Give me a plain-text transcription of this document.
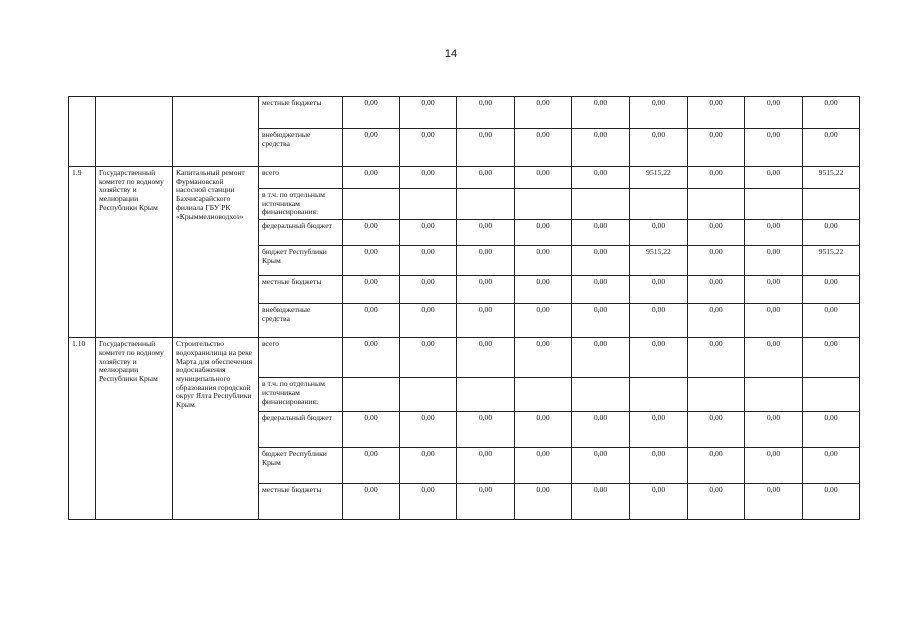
14
			местные бюджеты	0,00	0,00	0,00	0,00	0,00	0,00	0,00	0,00	0,00
			внебюджетные средства	0,00	0,00	0,00	0,00	0,00	0,00	0,00	0,00	0,00
1.9	Государственный комитет по водному хозяйству и мелиорации Республики Крым	Капитальный ремонт Фурмановской насосной станции Бахчисарайского филиала ГБУ РК «Крыммелиоводхоз»	всего	0,00	0,00	0,00	0,00	0,00	9515,22	0,00	0,00	9515,22
			в т.ч. по отдельным источникам финансирования:									
			федеральный бюджет	0,00	0,00	0,00	0,00	0,00	0,00	0,00	0,00	0,00
			бюджет Республики Крым	0,00	0,00	0,00	0,00	0,00	9515,22	0,00	0,00	9515,22
			местные бюджеты	0,00	0,00	0,00	0,00	0,00	0,00	0,00	0,00	0,00
			внебюджетные средства	0,00	0,00	0,00	0,00	0,00	0,00	0,00	0,00	0,00
1.10	Государственный комитет по водному хозяйству и мелиорации Республики Крым	Строительство водохранилища на реке Марта для обеспечения водоснабжения муниципального образования городской округ Ялта Республики Крым	всего	0,00	0,00	0,00	0,00	0,00	0,00	0,00	0,00	0,00
			в т.ч. по отдельным источникам финансирования:									
			федеральный бюджет	0,00	0,00	0,00	0,00	0,00	0,00	0,00	0,00	0,00
			бюджет Республики Крым	0,00	0,00	0,00	0,00	0,00	0,00	0,00	0,00	0,00
			местные бюджеты	0,00	0,00	0,00	0,00	0,00	0,00	0,00	0,00	0,00
